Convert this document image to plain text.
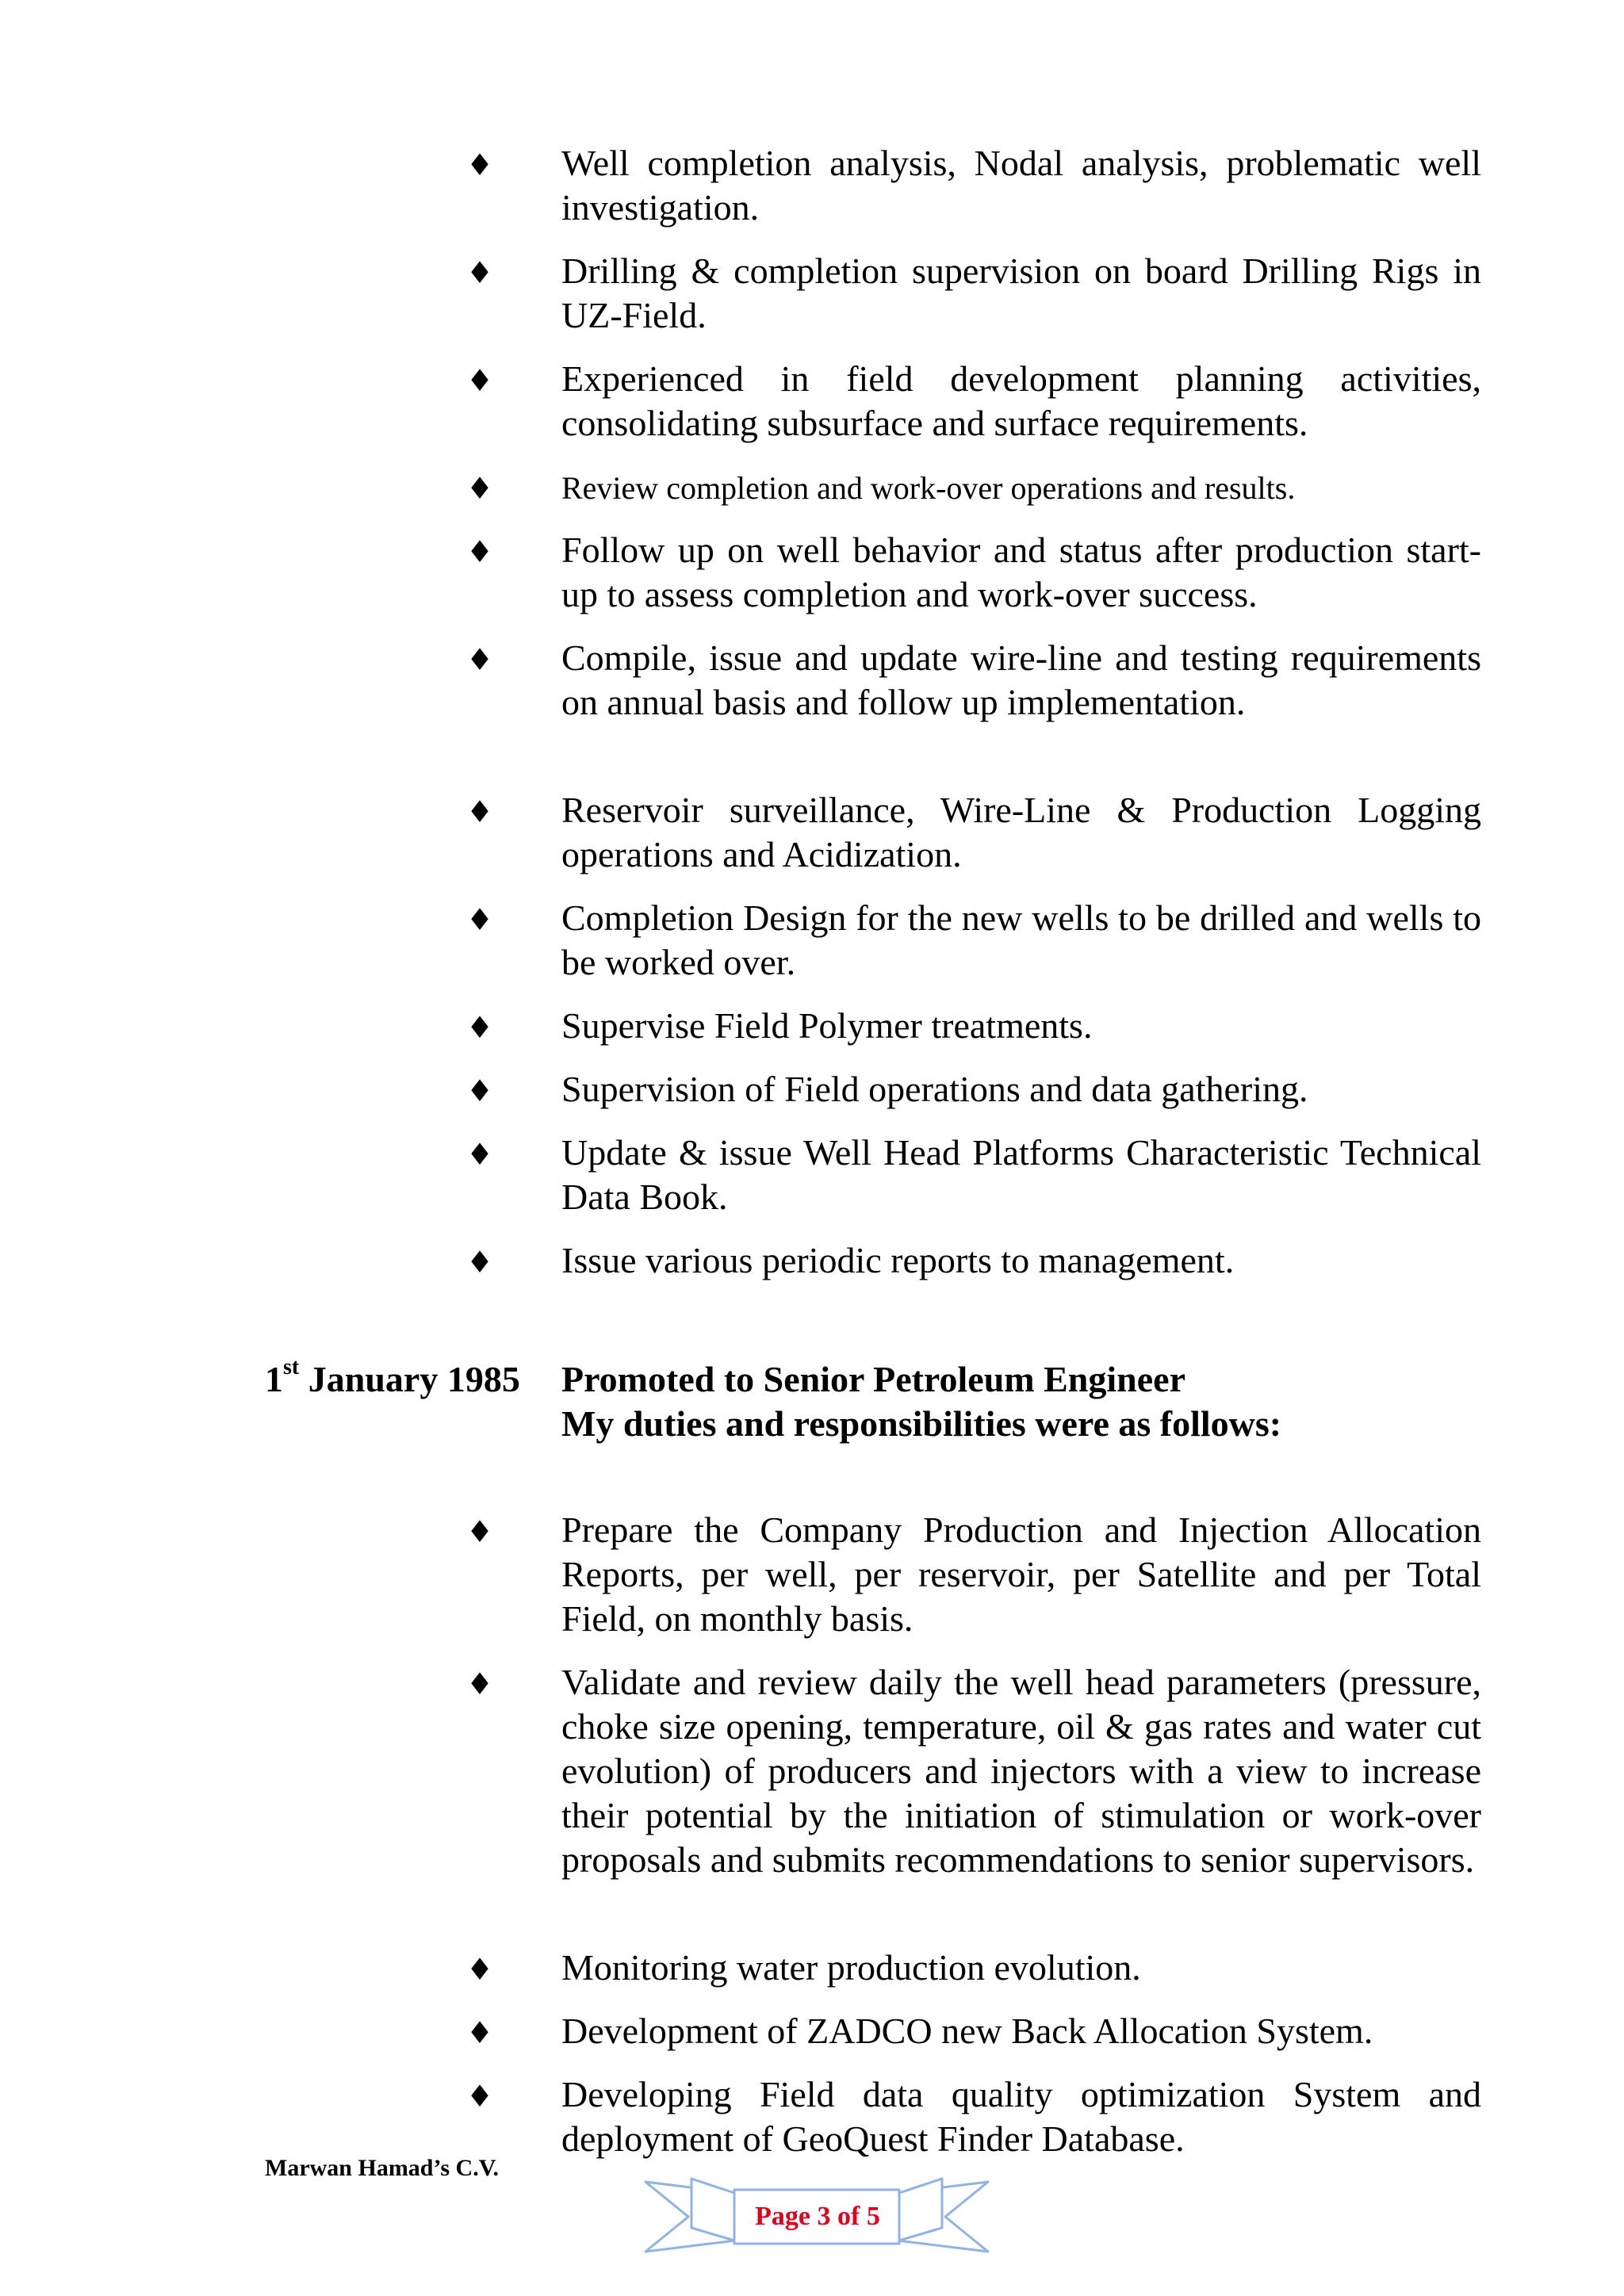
♦ Well completion analysis, Nodal analysis, problematic well investigation.
♦ Drilling & completion supervision on board Drilling Rigs in UZ-Field.
♦ Experienced in field development planning activities, consolidating subsurface and surface requirements.
♦ Review completion and work-over operations and results.
♦ Follow up on well behavior and status after production start-up to assess completion and work-over success.
♦ Compile, issue and update wire-line and testing requirements on annual basis and follow up implementation.
♦ Reservoir surveillance, Wire-Line & Production Logging operations and Acidization.
♦ Completion Design for the new wells to be drilled and wells to be worked over.
♦ Supervise Field Polymer treatments.
♦ Supervision of Field operations and data gathering.
♦ Update & issue Well Head Platforms Characteristic Technical Data Book.
♦ Issue various periodic reports to management.
1st January 1985 Promoted to Senior Petroleum Engineer
My duties and responsibilities were as follows:
♦ Prepare the Company Production and Injection Allocation Reports, per well, per reservoir, per Satellite and per Total Field, on monthly basis.
♦ Validate and review daily the well head parameters (pressure, choke size opening, temperature, oil & gas rates and water cut evolution) of producers and injectors with a view to increase their potential by the initiation of stimulation or work-over proposals and submits recommendations to senior supervisors.
♦ Monitoring water production evolution.
♦ Development of ZADCO new Back Allocation System.
♦ Developing Field data quality optimization System and deployment of GeoQuest Finder Database.
Marwan Hamad’s C.V.
Page 3 of 5
